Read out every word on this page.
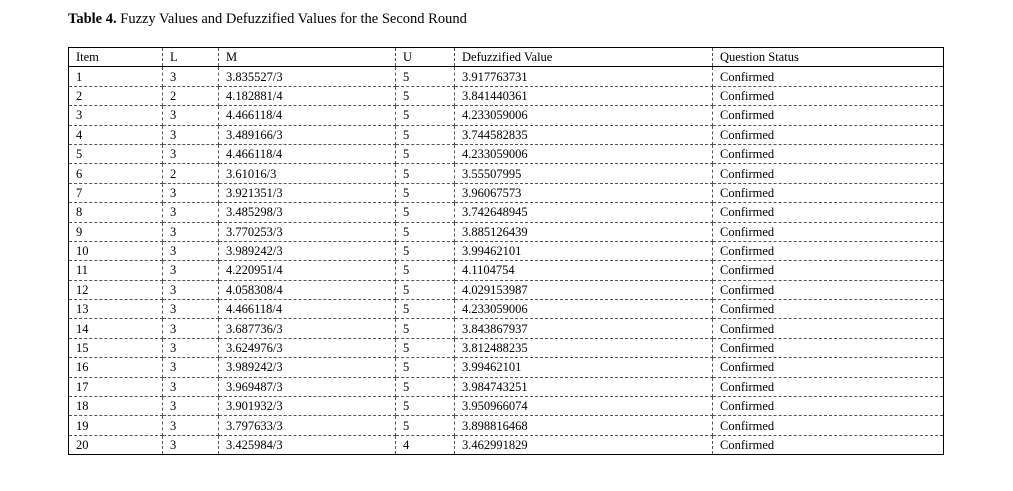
Table 4. Fuzzy Values and Defuzzified Values for the Second Round
Item	L	M	U	Defuzzified Value	Question Status
1	3	3.835527/3	5	3.917763731	Confirmed
2	2	4.182881/4	5	3.841440361	Confirmed
3	3	4.466118/4	5	4.233059006	Confirmed
4	3	3.489166/3	5	3.744582835	Confirmed
5	3	4.466118/4	5	4.233059006	Confirmed
6	2	3.61016/3	5	3.55507995	Confirmed
7	3	3.921351/3	5	3.96067573	Confirmed
8	3	3.485298/3	5	3.742648945	Confirmed
9	3	3.770253/3	5	3.885126439	Confirmed
10	3	3.989242/3	5	3.99462101	Confirmed
11	3	4.220951/4	5	4.1104754	Confirmed
12	3	4.058308/4	5	4.029153987	Confirmed
13	3	4.466118/4	5	4.233059006	Confirmed
14	3	3.687736/3	5	3.843867937	Confirmed
15	3	3.624976/3	5	3.812488235	Confirmed
16	3	3.989242/3	5	3.99462101	Confirmed
17	3	3.969487/3	5	3.984743251	Confirmed
18	3	3.901932/3	5	3.950966074	Confirmed
19	3	3.797633/3	5	3.898816468	Confirmed
20	3	3.425984/3	4	3.462991829	Confirmed
